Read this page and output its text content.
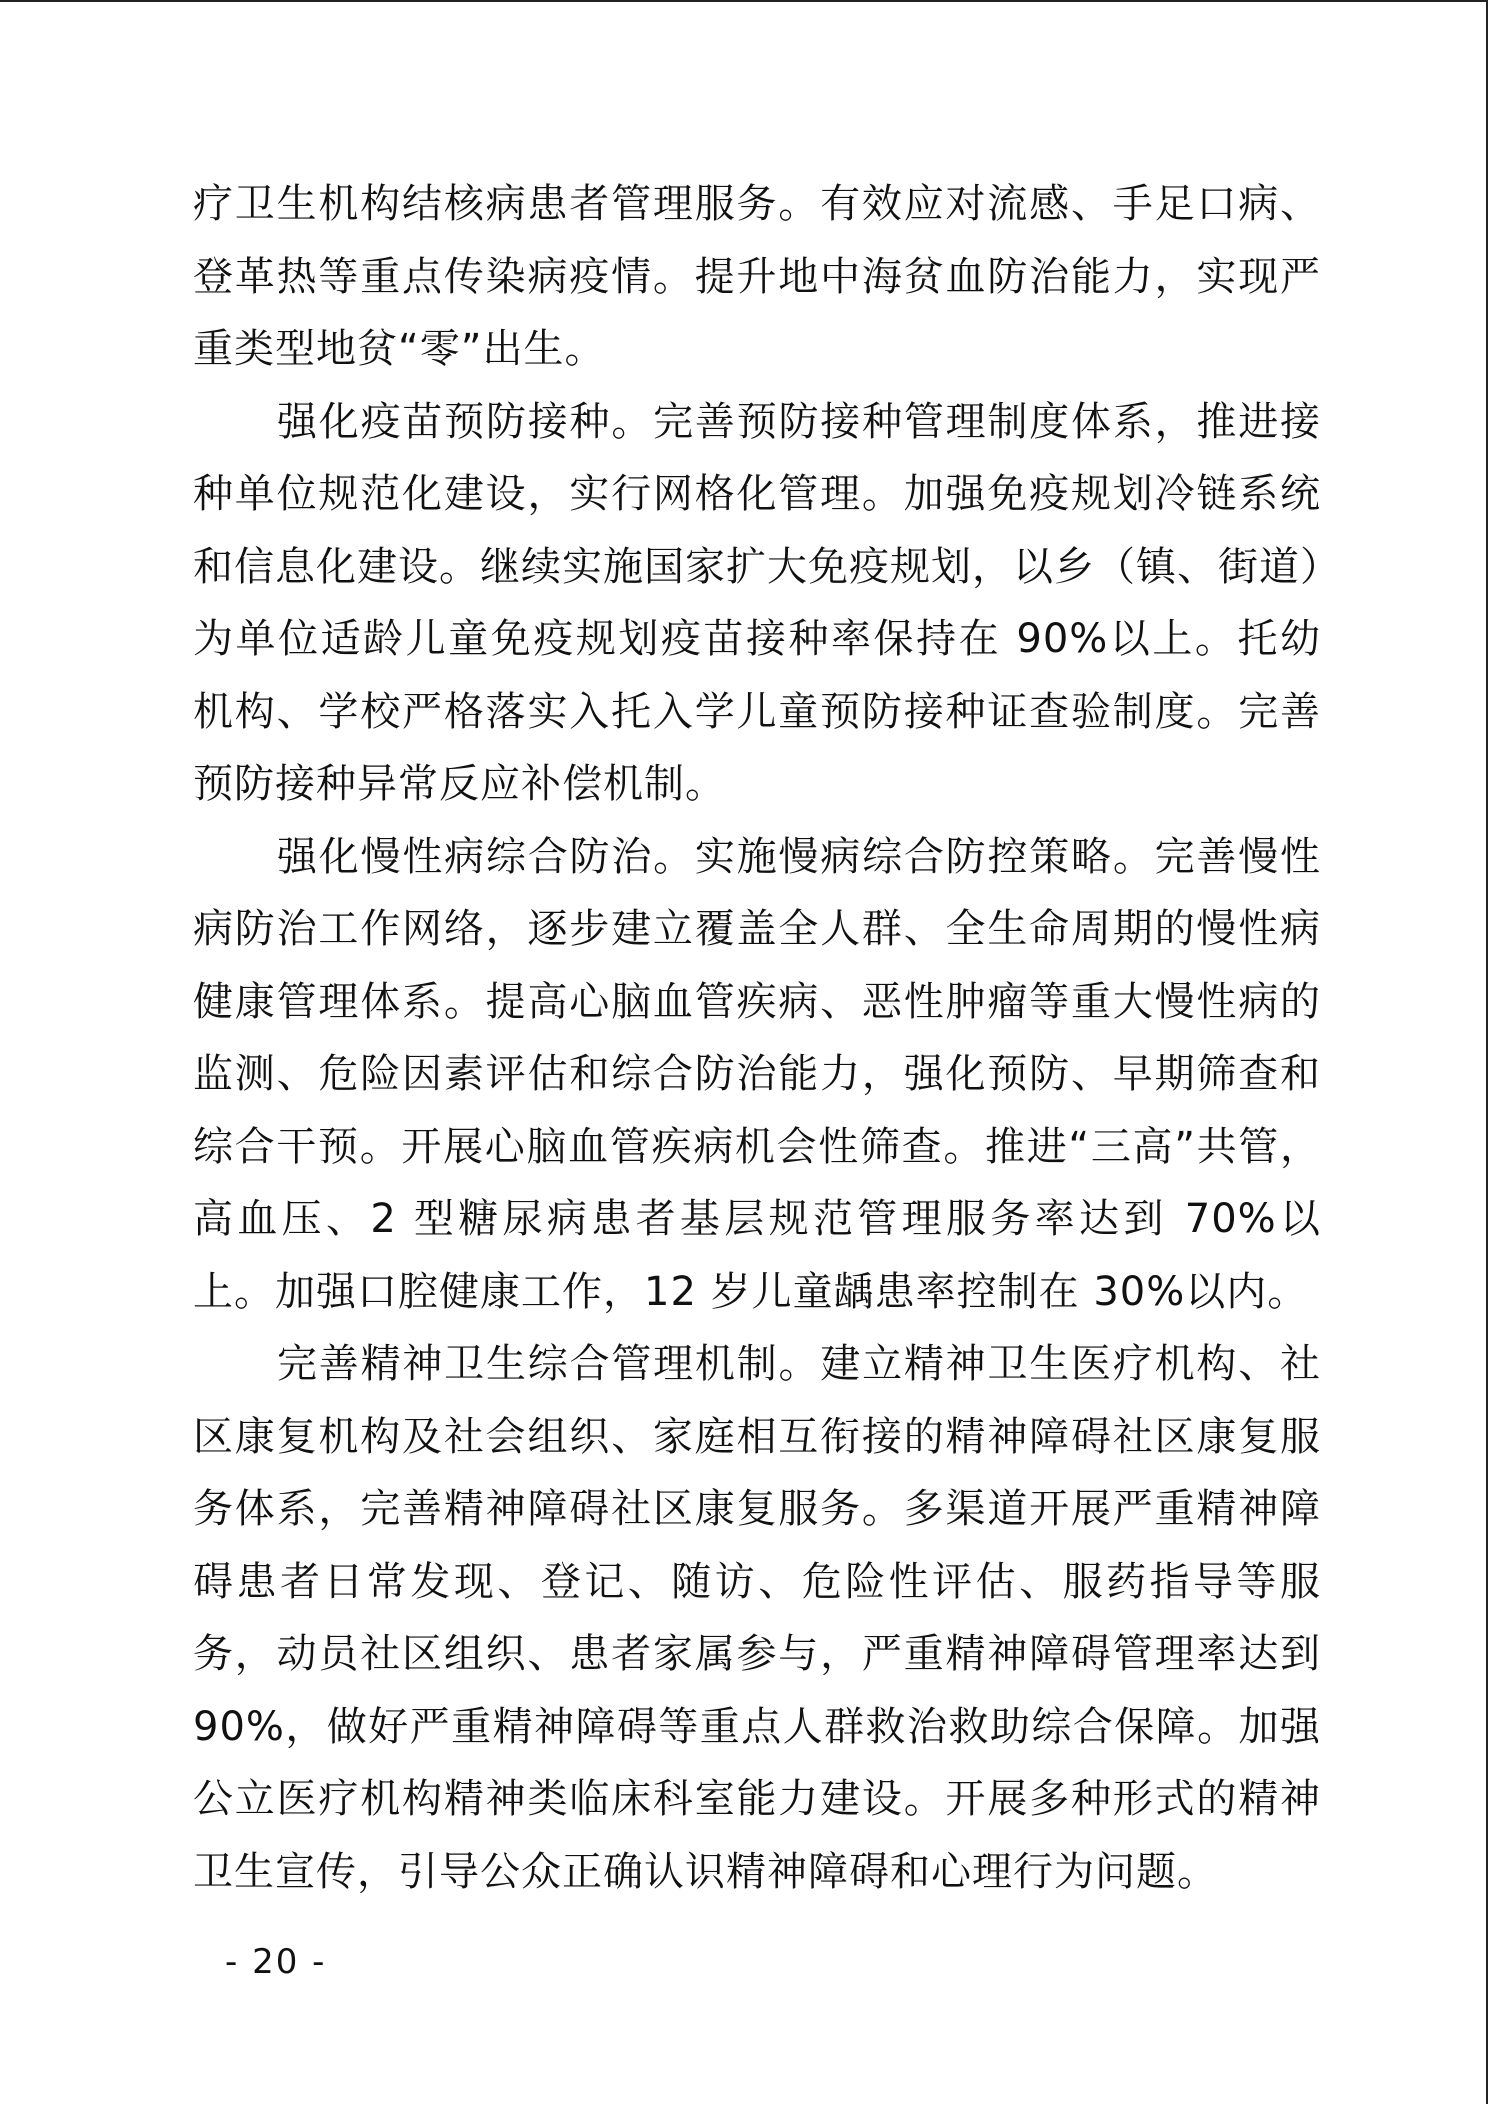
疗卫生机构结核病患者管理服务。有效应对流感、手足口病、登革热等重点传染病疫情。提升地中海贫血防治能力，实现严重类型地贫“零”出生。

强化疫苗预防接种。完善预防接种管理制度体系，推进接种单位规范化建设，实行网格化管理。加强免疫规划冷链系统和信息化建设。继续实施国家扩大免疫规划，以乡（镇、街道）为单位适龄儿童免疫规划疫苗接种率保持在 90%以上。托幼机构、学校严格落实入托入学儿童预防接种证查验制度。完善预防接种异常反应补偿机制。

强化慢性病综合防治。实施慢病综合防控策略。完善慢性病防治工作网络，逐步建立覆盖全人群、全生命周期的慢性病健康管理体系。提高心脑血管疾病、恶性肿瘤等重大慢性病的监测、危险因素评估和综合防治能力，强化预防、早期筛查和综合干预。开展心脑血管疾病机会性筛查。推进“三高”共管，高血压、2 型糖尿病患者基层规范管理服务率达到 70%以上。加强口腔健康工作，12 岁儿童龋患率控制在 30%以内。

完善精神卫生综合管理机制。建立精神卫生医疗机构、社区康复机构及社会组织、家庭相互衔接的精神障碍社区康复服务体系，完善精神障碍社区康复服务。多渠道开展严重精神障碍患者日常发现、登记、随访、危险性评估、服药指导等服务，动员社区组织、患者家属参与，严重精神障碍管理率达到 90%，做好严重精神障碍等重点人群救治救助综合保障。加强公立医疗机构精神类临床科室能力建设。开展多种形式的精神卫生宣传，引导公众正确认识精神障碍和心理行为问题。

- 20 -
